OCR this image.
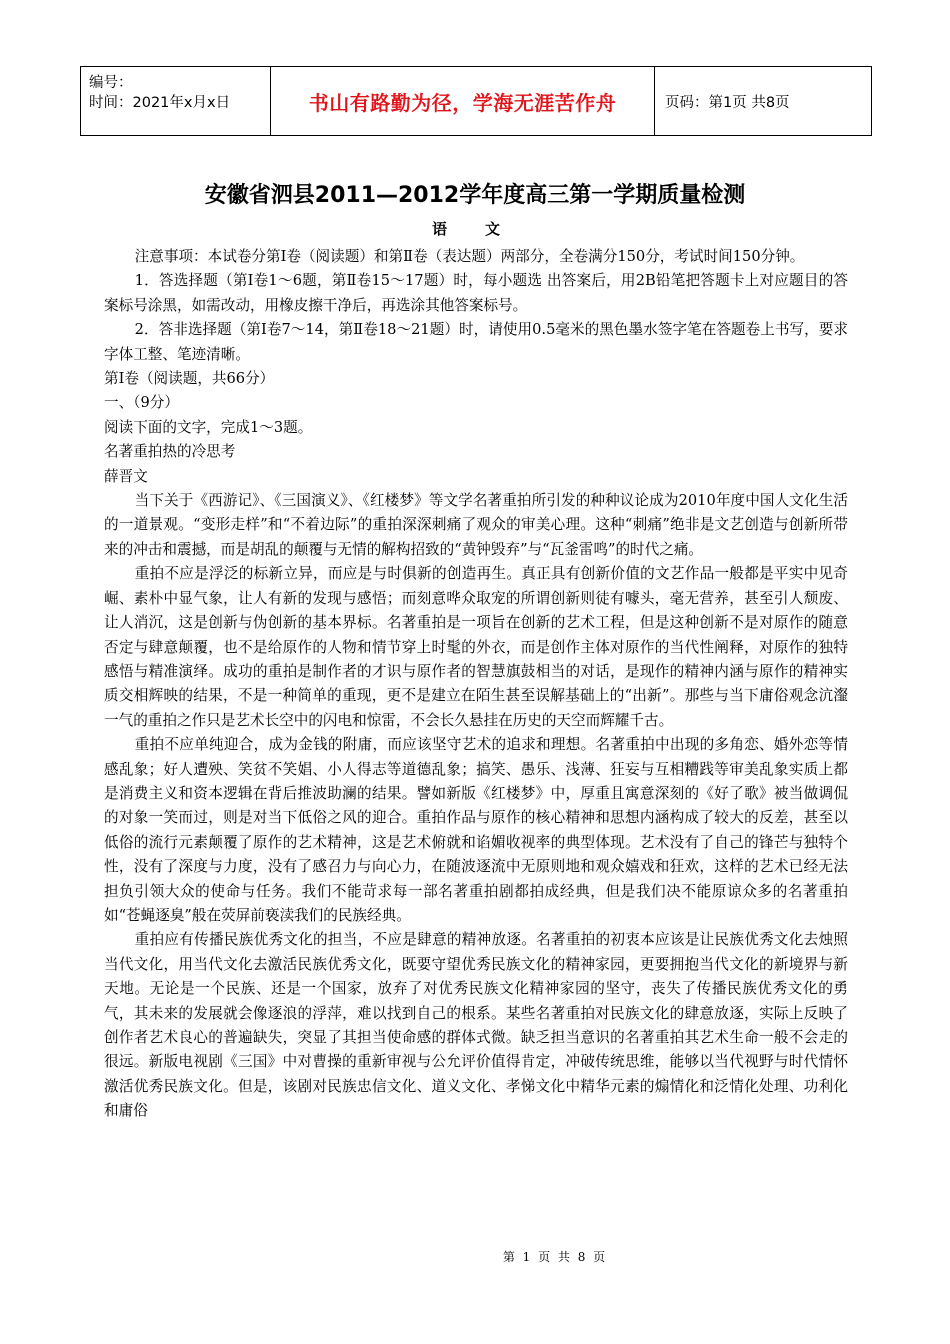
编号：
时间：2021年x月x日	书山有路勤为径，学海无涯苦作舟	页码：第1页 共8页
安徽省泗县2011—2012学年度高三第一学期质量检测
语文

注意事项：本试卷分第Ⅰ卷（阅读题）和第Ⅱ卷（表达题）两部分，全卷满分150分，考试时间150分钟。

1．答选择题（第Ⅰ卷1～6题，第Ⅱ卷15～17题）时，每小题选 出答案后，用2B铅笔把答题卡上对应题目的答案标号涂黑，如需改动，用橡皮擦干净后，再选涂其他答案标号。

2．答非选择题（第Ⅰ卷7～14，第Ⅱ卷18～21题）时，请使用0.5毫米的黑色墨水签字笔在答题卷上书写，要求字体工整、笔迹清晰。

第Ⅰ卷（阅读题，共66分）

一、（9分）

阅读下面的文字，完成1～3题。

名著重拍热的冷思考

薛晋文

当下关于《西游记》、《三国演义》、《红楼梦》等文学名著重拍所引发的种种议论成为2010年度中国人文化生活的一道景观。“变形走样”和“不着边际”的重拍深深刺痛了观众的审美心理。这种“刺痛”绝非是文艺创造与创新所带来的冲击和震撼，而是胡乱的颠覆与无情的解构招致的“黄钟毁弃”与“瓦釜雷鸣”的时代之痛。

重拍不应是浮泛的标新立异，而应是与时俱新的创造再生。真正具有创新价值的文艺作品一般都是平实中见奇崛、素朴中显气象，让人有新的发现与感悟；而刻意哗众取宠的所谓创新则徒有噱头，毫无营养，甚至引人颓废、让人消沉，这是创新与伪创新的基本界标。名著重拍是一项旨在创新的艺术工程，但是这种创新不是对原作的随意否定与肆意颠覆，也不是给原作的人物和情节穿上时髦的外衣，而是创作主体对原作的当代性阐释，对原作的独特感悟与精准演绎。成功的重拍是制作者的才识与原作者的智慧旗鼓相当的对话，是现作的精神内涵与原作的精神实质交相辉映的结果，不是一种简单的重现，更不是建立在陌生甚至误解基础上的“出新”。那些与当下庸俗观念沆瀣一气的重拍之作只是艺术长空中的闪电和惊雷，不会长久悬挂在历史的天空而辉耀千古。

重拍不应单纯迎合，成为金钱的附庸，而应该坚守艺术的追求和理想。名著重拍中出现的多角恋、婚外恋等情感乱象；好人遭殃、笑贫不笑娼、小人得志等道德乱象；搞笑、愚乐、浅薄、狂妄与互相糟践等审美乱象实质上都是消费主义和资本逻辑在背后推波助澜的结果。譬如新版《红楼梦》中，厚重且寓意深刻的《好了歌》被当做调侃的对象一笑而过，则是对当下低俗之风的迎合。重拍作品与原作的核心精神和思想内涵构成了较大的反差，甚至以低俗的流行元素颠覆了原作的艺术精神，这是艺术俯就和谄媚收视率的典型体现。艺术没有了自己的锋芒与独特个性，没有了深度与力度，没有了感召力与向心力，在随波逐流中无原则地和观众嬉戏和狂欢，这样的艺术已经无法担负引领大众的使命与任务。我们不能苛求每一部名著重拍剧都拍成经典，但是我们决不能原谅众多的名著重拍如“苍蝇逐臭”般在荧屏前亵渎我们的民族经典。

重拍应有传播民族优秀文化的担当，不应是肆意的精神放逐。名著重拍的初衷本应该是让民族优秀文化去烛照当代文化，用当代文化去激活民族优秀文化，既要守望优秀民族文化的精神家园，更要拥抱当代文化的新境界与新天地。无论是一个民族、还是一个国家，放弃了对优秀民族文化精神家园的坚守，丧失了传播民族优秀文化的勇气，其未来的发展就会像逐浪的浮萍，难以找到自己的根系。某些名著重拍对民族文化的肆意放逐，实际上反映了创作者艺术良心的普遍缺失，突显了其担当使命感的群体式微。缺乏担当意识的名著重拍其艺术生命一般不会走的很远。新版电视剧《三国》中对曹操的重新审视与公允评价值得肯定，冲破传统思维，能够以当代视野与时代情怀激活优秀民族文化。但是，该剧对民族忠信文化、道义文化、孝悌文化中精华元素的煽情化和泛情化处理、功利化和庸俗

第 1 页 共 8 页
